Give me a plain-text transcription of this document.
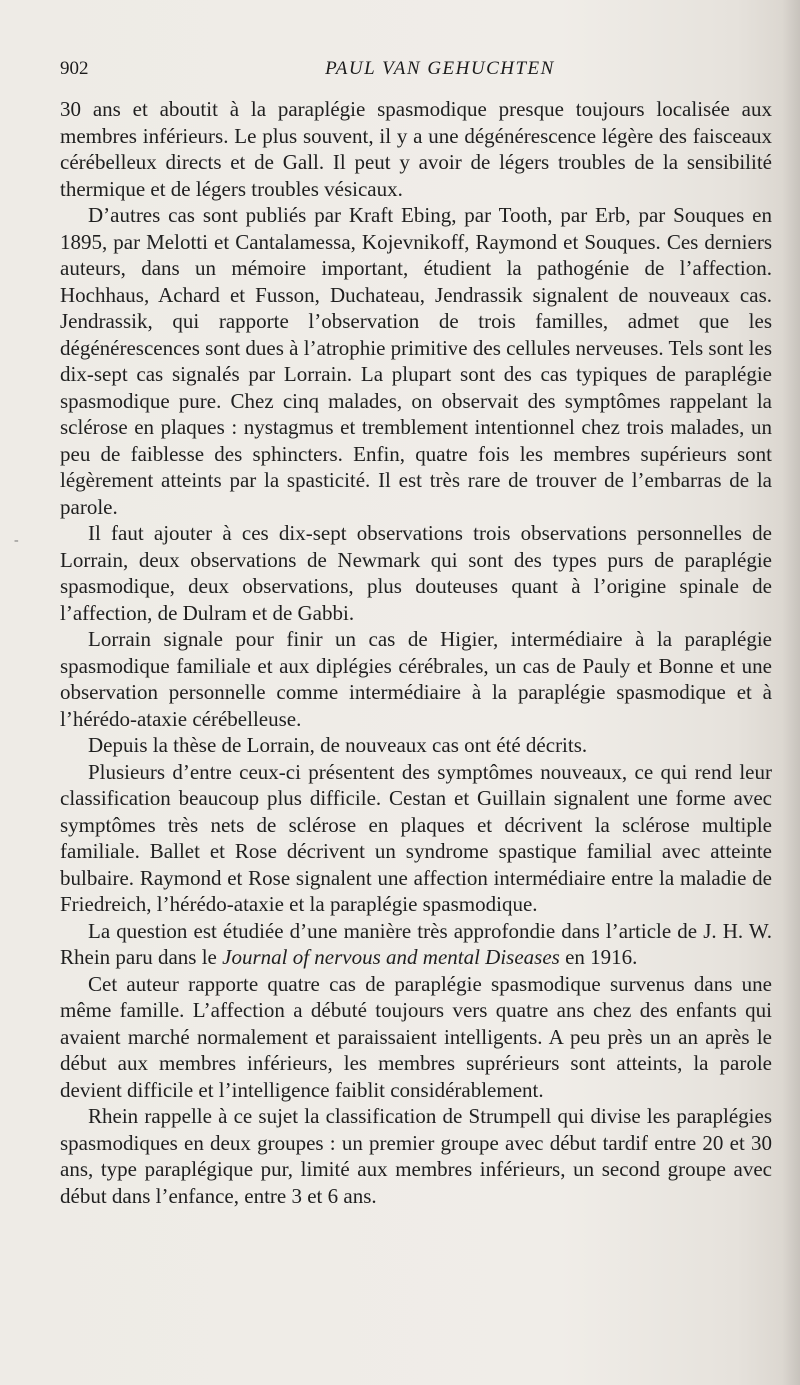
902	PAUL VAN GEHUCHTEN
-

30 ans et aboutit à la paraplégie spasmodique presque toujours localisée aux membres inférieurs. Le plus souvent, il y a une dégénérescence légère des faisceaux cérébelleux directs et de Gall. Il peut y avoir de légers troubles de la sensibilité thermique et de légers troubles vésicaux.

D’autres cas sont publiés par Kraft Ebing, par Tooth, par Erb, par Souques en 1895, par Melotti et Cantalamessa, Kojevnikoff, Raymond et Souques. Ces derniers auteurs, dans un mémoire important, étudient la pathogénie de l’affection. Hochhaus, Achard et Fusson, Duchateau, Jendrassik signalent de nouveaux cas. Jendrassik, qui rapporte l’observation de trois familles, admet que les dégénérescences sont dues à l’atrophie primitive des cellules nerveuses. Tels sont les dix-sept cas signalés par Lorrain. La plupart sont des cas typiques de paraplégie spasmodique pure. Chez cinq malades, on observait des symptômes rappelant la sclérose en plaques : nystagmus et tremblement intentionnel chez trois malades, un peu de faiblesse des sphincters. Enfin, quatre fois les membres supérieurs sont légèrement atteints par la spasticité. Il est très rare de trouver de l’embarras de la parole.

Il faut ajouter à ces dix-sept observations trois observations personnelles de Lorrain, deux observations de Newmark qui sont des types purs de paraplégie spasmodique, deux observations, plus douteuses quant à l’origine spinale de l’affection, de Dulram et de Gabbi.

Lorrain signale pour finir un cas de Higier, intermédiaire à la paraplégie spasmodique familiale et aux diplégies cérébrales, un cas de Pauly et Bonne et une observation personnelle comme intermédiaire à la paraplégie spasmodique et à l’hérédo-ataxie cérébelleuse.

Depuis la thèse de Lorrain, de nouveaux cas ont été décrits.

Plusieurs d’entre ceux-ci présentent des symptômes nouveaux, ce qui rend leur classification beaucoup plus difficile. Cestan et Guillain signalent une forme avec symptômes très nets de sclérose en plaques et décrivent la sclérose multiple familiale. Ballet et Rose décrivent un syndrome spastique familial avec atteinte bulbaire. Raymond et Rose signalent une affection intermédiaire entre la maladie de Friedreich, l’hérédo-ataxie et la paraplégie spasmodique.

La question est étudiée d’une manière très approfondie dans l’article de J. H. W. Rhein paru dans le Journal of nervous and mental Diseases en 1916.

Cet auteur rapporte quatre cas de paraplégie spasmodique survenus dans une même famille. L’affection a débuté toujours vers quatre ans chez des enfants qui avaient marché normalement et paraissaient intelligents. A peu près un an après le début aux membres inférieurs, les membres suprérieurs sont atteints, la parole devient difficile et l’intelligence faiblit considérablement.

Rhein rappelle à ce sujet la classification de Strumpell qui divise les paraplégies spasmodiques en deux groupes : un premier groupe avec début tardif entre 20 et 30 ans, type paraplégique pur, limité aux membres inférieurs, un second groupe avec début dans l’enfance, entre 3 et 6 ans.
